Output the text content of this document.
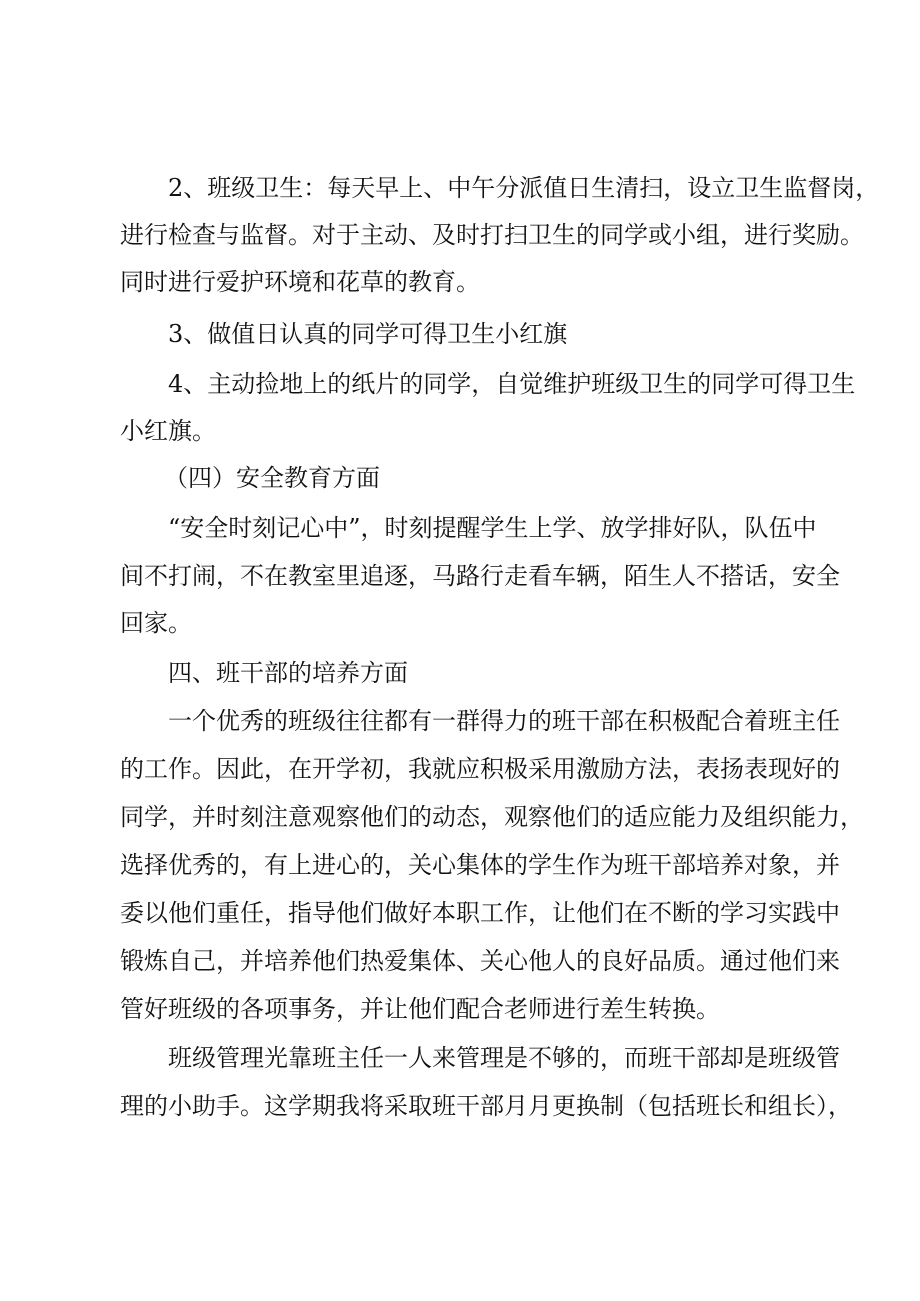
2、班级卫生：每天早上、中午分派值日生清扫，设立卫生监督岗，
进行检查与监督。对于主动、及时打扫卫生的同学或小组，进行奖励。
同时进行爱护环境和花草的教育。
3、做值日认真的同学可得卫生小红旗
4、主动捡地上的纸片的同学，自觉维护班级卫生的同学可得卫生
小红旗。
（四）安全教育方面
“安全时刻记心中”，时刻提醒学生上学、放学排好队，队伍中
间不打闹，不在教室里追逐，马路行走看车辆，陌生人不搭话，安全
回家。
四、班干部的培养方面
一个优秀的班级往往都有一群得力的班干部在积极配合着班主任
的工作。因此，在开学初，我就应积极采用激励方法，表扬表现好的
同学，并时刻注意观察他们的动态，观察他们的适应能力及组织能力，
选择优秀的，有上进心的，关心集体的学生作为班干部培养对象，并
委以他们重任，指导他们做好本职工作，让他们在不断的学习实践中
锻炼自己，并培养他们热爱集体、关心他人的良好品质。通过他们来
管好班级的各项事务，并让他们配合老师进行差生转换。
班级管理光靠班主任一人来管理是不够的，而班干部却是班级管
理的小助手。这学期我将采取班干部月月更换制（包括班长和组长），
